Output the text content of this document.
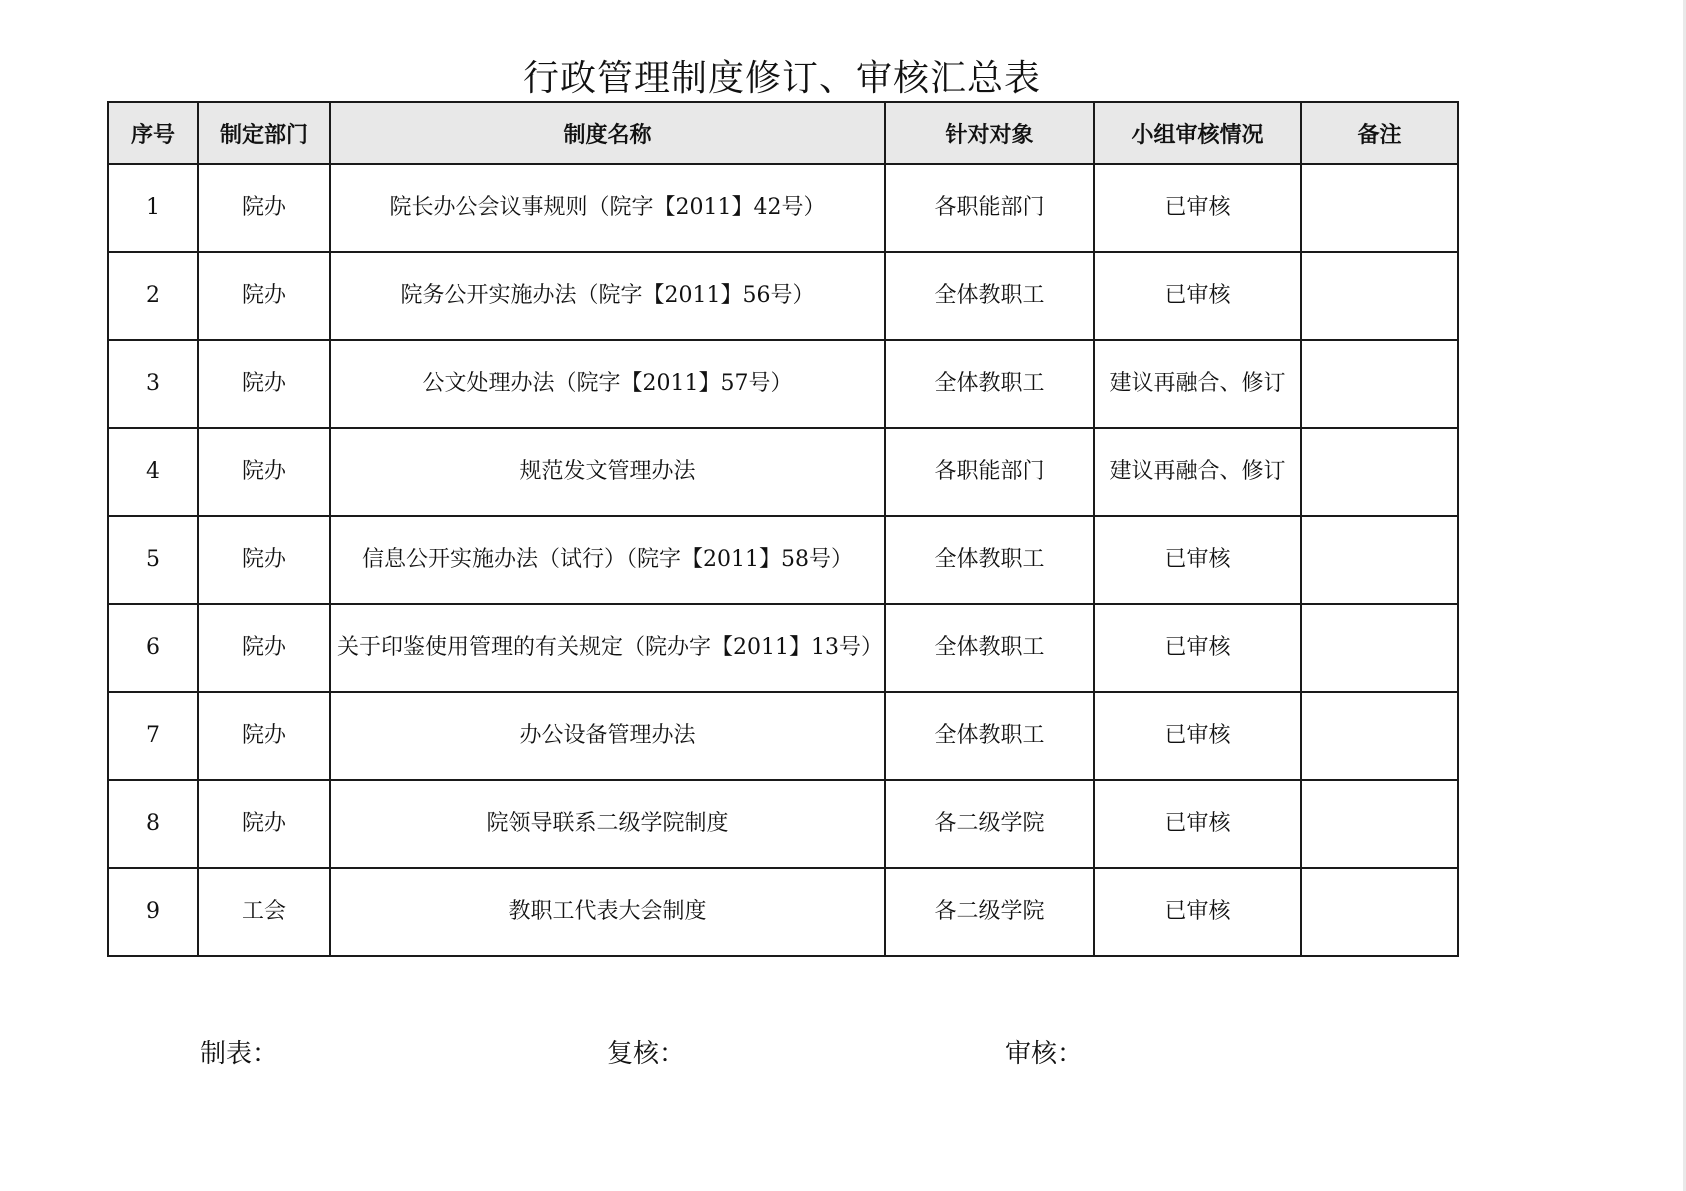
行政管理制度修订、审核汇总表
序号	制定部门	制度名称	针对对象	小组审核情况	备注
1	院办	院长办公会议事规则（院字【2011】42号）	各职能部门	已审核	
2	院办	院务公开实施办法（院字【2011】56号）	全体教职工	已审核	
3	院办	公文处理办法（院字【2011】57号）	全体教职工	建议再融合、修订	
4	院办	规范发文管理办法	各职能部门	建议再融合、修订	
5	院办	信息公开实施办法（试行）（院字【2011】58号）	全体教职工	已审核	
6	院办	关于印鉴使用管理的有关规定（院办字【2011】13号）	全体教职工	已审核	
7	院办	办公设备管理办法	全体教职工	已审核	
8	院办	院领导联系二级学院制度	各二级学院	已审核	
9	工会	教职工代表大会制度	各二级学院	已审核	
制表：	复核：	审核：
